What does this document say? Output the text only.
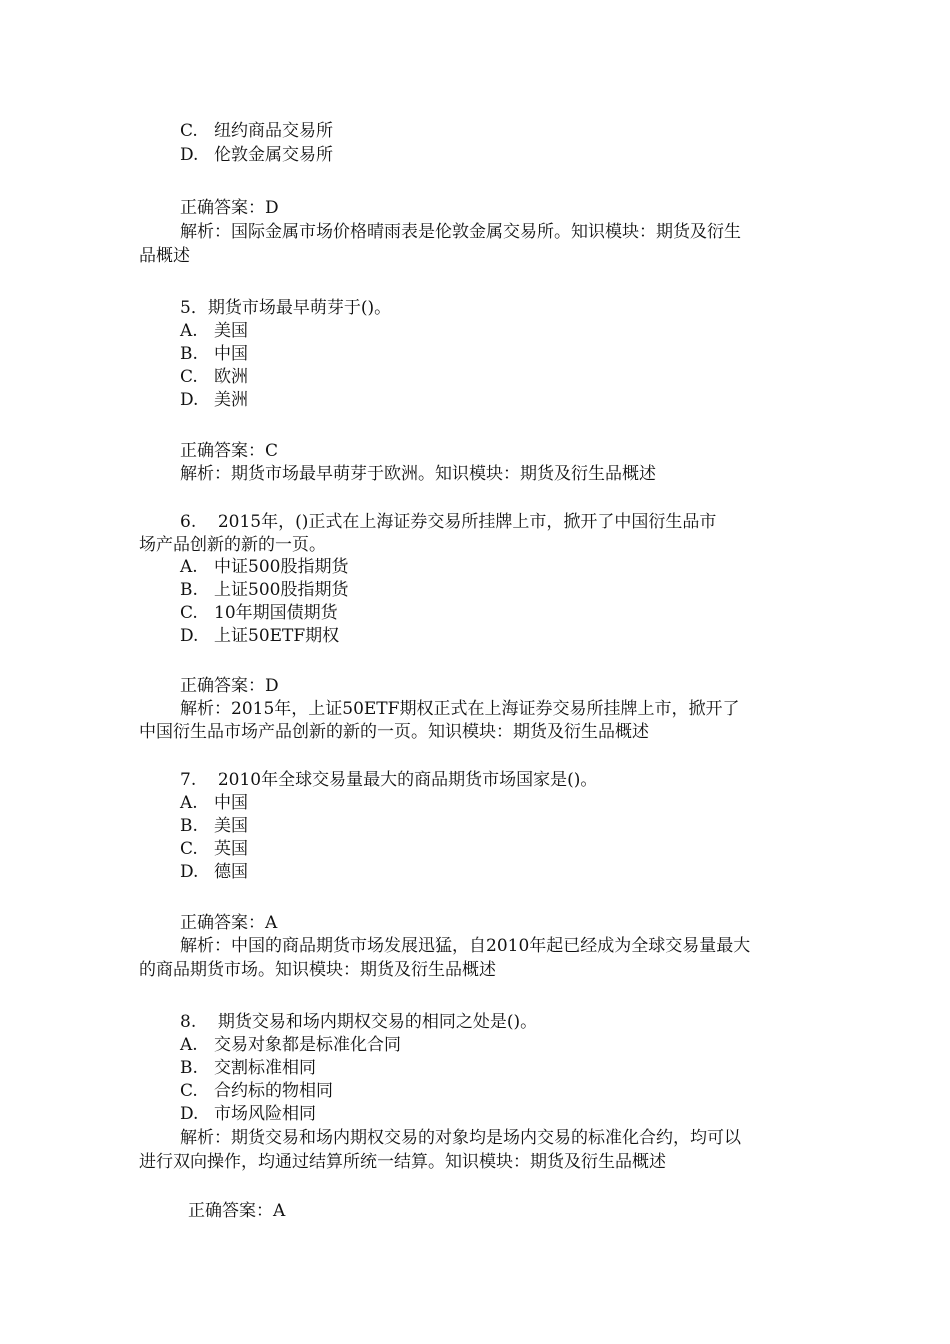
C. 纽约商品交易所
D. 伦敦金属交易所
正确答案：D
解析：国际金属市场价格晴雨表是伦敦金属交易所。知识模块：期货及衍生
品概述
5．期货市场最早萌芽于()。
A. 美国
B. 中国
C. 欧洲
D. 美洲
正确答案：C
解析：期货市场最早萌芽于欧洲。知识模块：期货及衍生品概述
6.    2015年，()正式在上海证券交易所挂牌上市，掀开了中国衍生品市
场产品创新的新的一页。
A. 中证500股指期货
B. 上证500股指期货
C. 10年期国债期货
D. 上证50ETF期权
正确答案：D
解析：2015年，上证50ETF期权正式在上海证券交易所挂牌上市，掀开了
中国衍生品市场产品创新的新的一页。知识模块：期货及衍生品概述
7.    2010年全球交易量最大的商品期货市场国家是()。
A. 中国
B. 美国
C. 英国
D. 德国
正确答案：A
解析：中国的商品期货市场发展迅猛，自2010年起已经成为全球交易量最大
的商品期货市场。知识模块：期货及衍生品概述
8.    期货交易和场内期权交易的相同之处是()。
A. 交易对象都是标准化合同
B. 交割标准相同
C. 合约标的物相同
D. 市场风险相同
解析：期货交易和场内期权交易的对象均是场内交易的标准化合约，均可以
进行双向操作，均通过结算所统一结算。知识模块：期货及衍生品概述
正确答案：A
